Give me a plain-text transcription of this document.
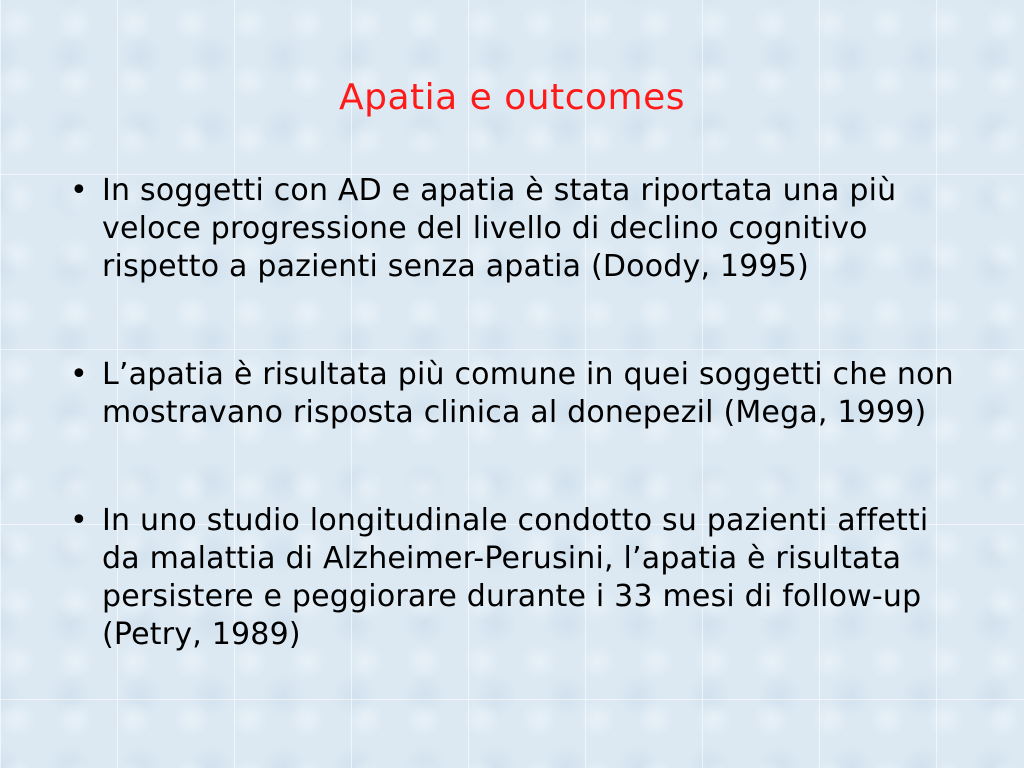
Apatia e outcomes
• In soggetti con AD e apatia è stata riportata una più veloce progressione del livello di declino cognitivo rispetto a pazienti senza apatia (Doody, 1995)
• L’apatia è risultata più comune in quei soggetti che non mostravano risposta clinica al donepezil (Mega, 1999)
• In uno studio longitudinale condotto su pazienti affetti da malattia di Alzheimer-Perusini, l’apatia è risultata persistere e peggiorare durante i 33 mesi di follow-up (Petry, 1989)
